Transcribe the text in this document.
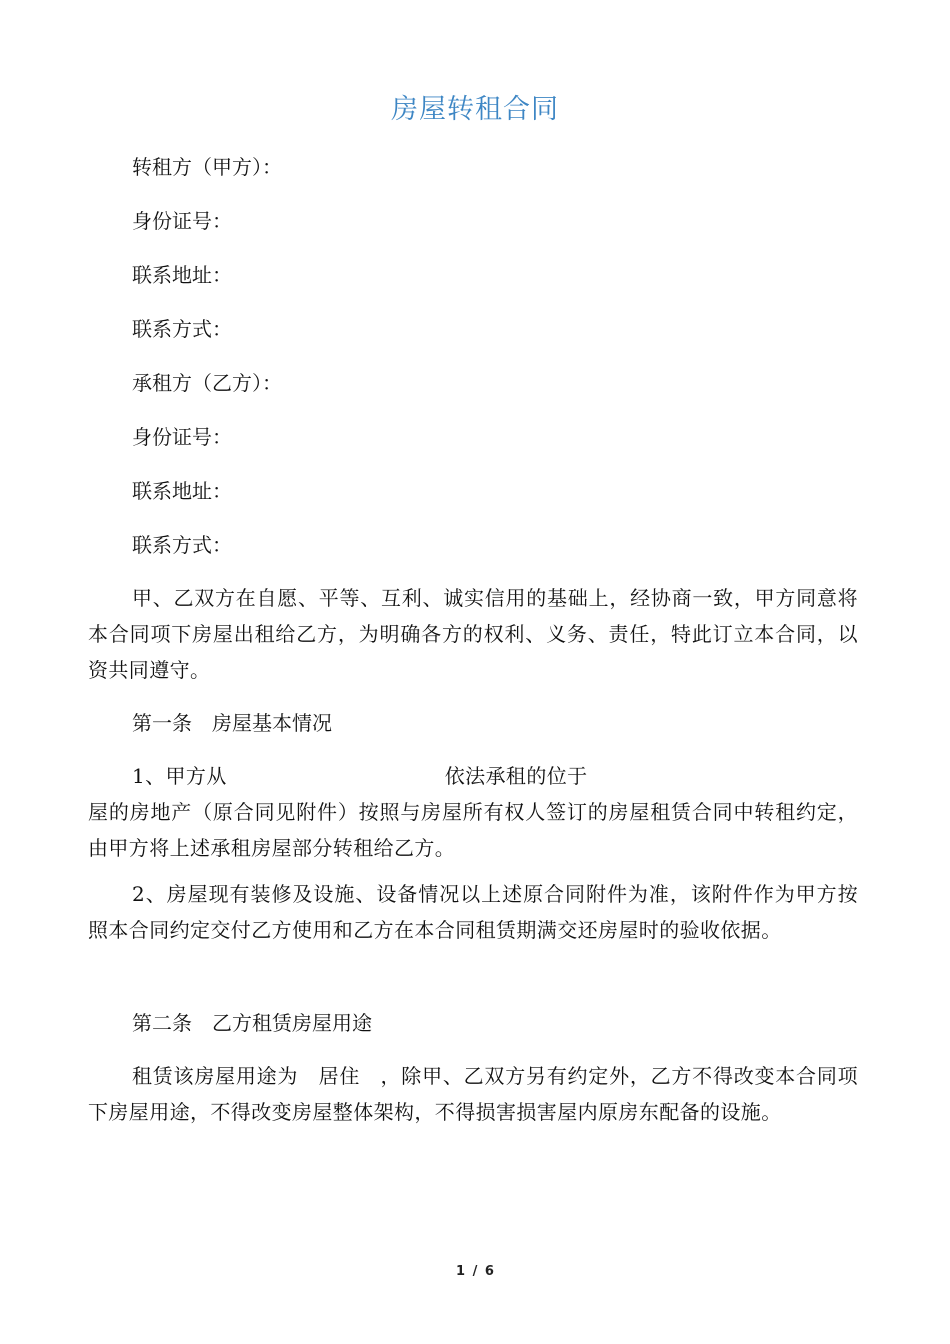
房屋转租合同
转租方（甲方）：
身份证号：
联系地址：
联系方式：
承租方（乙方）：
身份证号：
联系地址：
联系方式：
甲、乙双方在自愿、平等、互利、诚实信用的基础上，经协商一致，甲方同意将本合同项下房屋出租给乙方，为明确各方的权利、义务、责任，特此订立本合同，以资共同遵守。
第一条 房屋基本情况
1、甲方从	依法承租的位于
屋的房地产（原合同见附件）按照与房屋所有权人签订的房屋租赁合同中转租约定，由甲方将上述承租房屋部分转租给乙方。
2、房屋现有装修及设施、设备情况以上述原合同附件为准，该附件作为甲方按照本合同约定交付乙方使用和乙方在本合同租赁期满交还房屋时的验收依据。
第二条 乙方租赁房屋用途
租赁该房屋用途为 居住 ，除甲、乙双方另有约定外，乙方不得改变本合同项下房屋用途，不得改变房屋整体架构，不得损害损害屋内原房东配备的设施。
1 / 6
